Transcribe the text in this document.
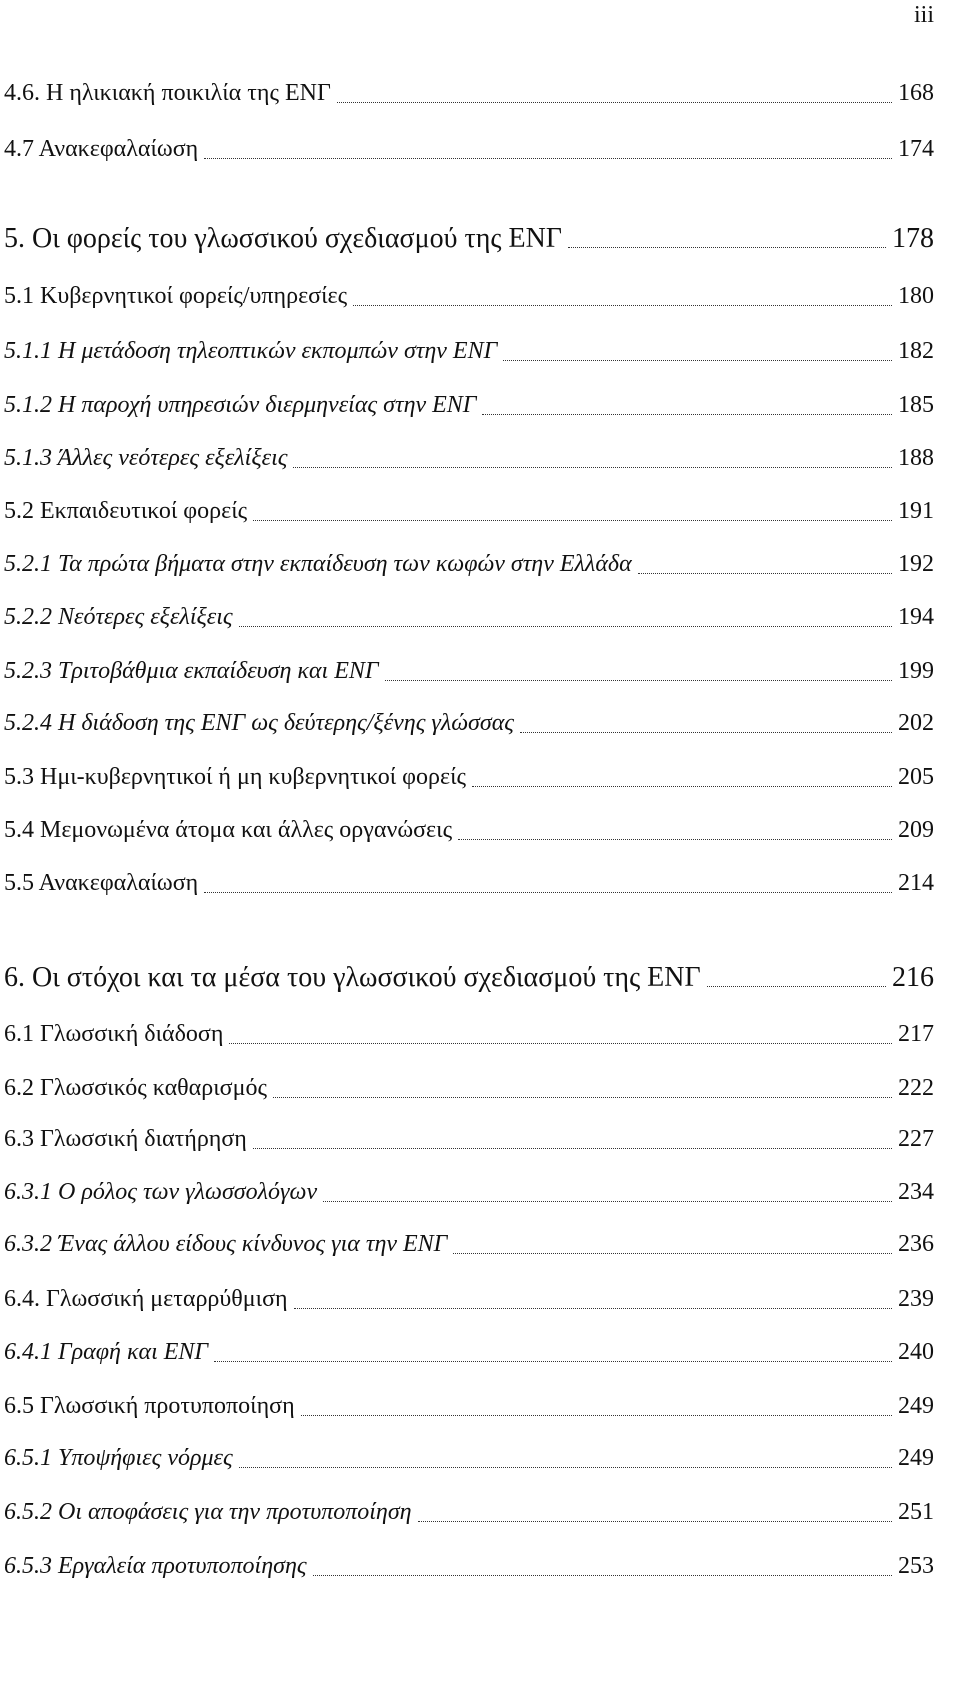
iii
4.6. Η ηλικιακή ποικιλία της ΕΝΓ	168
4.7 Ανακεφαλαίωση	174
5. Οι φορείς του γλωσσικού σχεδιασμού της ΕΝΓ	178
5.1 Κυβερνητικοί φορείς/υπηρεσίες	180
5.1.1 Η μετάδοση τηλεοπτικών εκπομπών στην ΕΝΓ	182
5.1.2 Η παροχή υπηρεσιών διερμηνείας στην ΕΝΓ	185
5.1.3 Άλλες νεότερες εξελίξεις	188
5.2 Εκπαιδευτικοί φορείς	191
5.2.1 Τα πρώτα βήματα στην εκπαίδευση των κωφών στην Ελλάδα	192
5.2.2 Νεότερες εξελίξεις	194
5.2.3 Τριτοβάθμια εκπαίδευση και ΕΝΓ	199
5.2.4 Η διάδοση της ΕΝΓ ως δεύτερης/ξένης γλώσσας	202
5.3 Ημι-κυβερνητικοί ή μη κυβερνητικοί φορείς	205
5.4 Μεμονωμένα άτομα και άλλες οργανώσεις	209
5.5 Ανακεφαλαίωση	214
6. Οι στόχοι και τα μέσα του γλωσσικού σχεδιασμού της ΕΝΓ	216
6.1 Γλωσσική διάδοση	217
6.2 Γλωσσικός καθαρισμός	222
6.3 Γλωσσική διατήρηση	227
6.3.1 Ο ρόλος των γλωσσολόγων	234
6.3.2 Ένας άλλου είδους κίνδυνος για την ΕΝΓ	236
6.4. Γλωσσική μεταρρύθμιση	239
6.4.1 Γραφή και ΕΝΓ	240
6.5 Γλωσσική προτυποποίηση	249
6.5.1 Υποψήφιες νόρμες	249
6.5.2 Οι αποφάσεις για την προτυποποίηση	251
6.5.3 Εργαλεία προτυποποίησης	253
